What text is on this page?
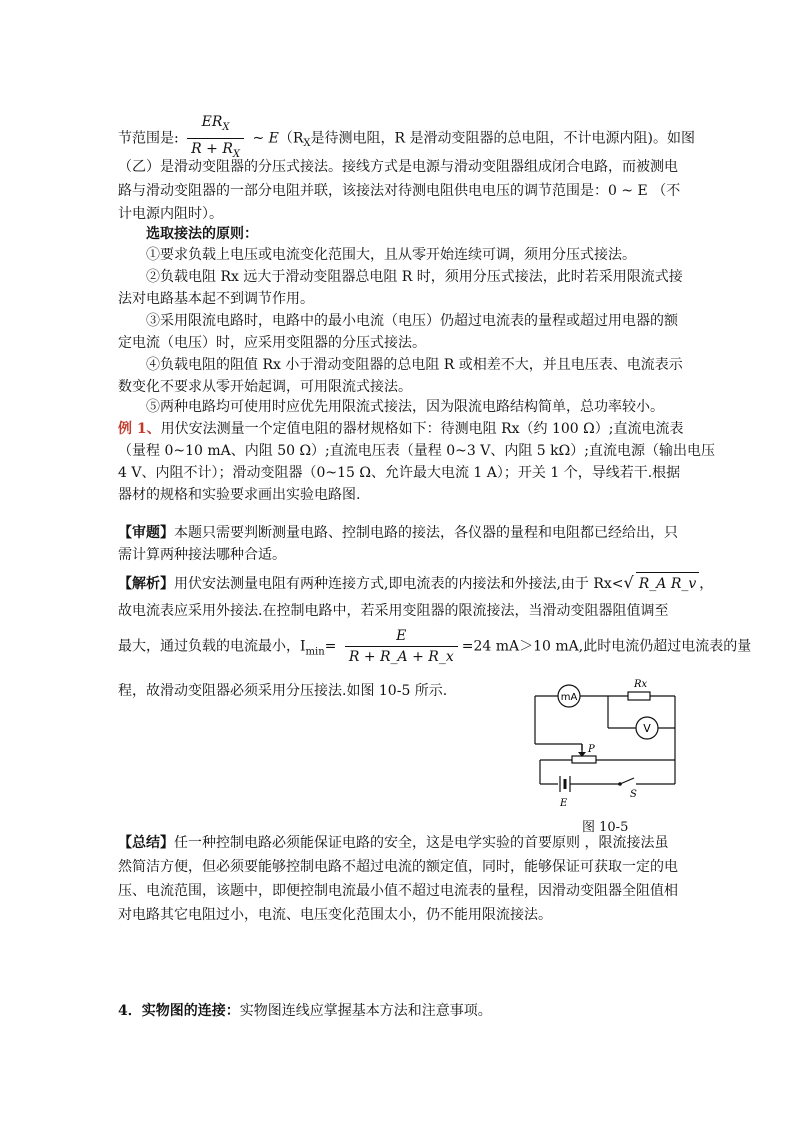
节范围是: $\frac{ER_X}{R + R_X}$ ~ $E(R_X$是待测电阻，R 是滑动变阻器的总电阻，不计电源内阻)。如图
（乙）是滑动变阻器的分压式接法。接线方式是电源与滑动变阻器组成闭合电路，而被测电
路与滑动变阻器的一部分电阻并联，该接法对待测电阻供电电压的调节范围是：0 ~ E （不
计电源内阻时）。
选取接法的原则：
①要求负载上电压或电流变化范围大，且从零开始连续可调，须用分压式接法。
②负载电阻 Rx 远大于滑动变阻器总电阻 R 时，须用分压式接法，此时若采用限流式接
法对电路基本起不到调节作用。
③采用限流电路时，电路中的最小电流（电压）仍超过电流表的量程或超过用电器的额
定电流（电压）时，应采用变阻器的分压式接法。
④负载电阻的阻值 Rx 小于滑动变阻器的总电阻 R 或相差不大，并且电压表、电流表示
数变化不要求从零开始起调，可用限流式接法。
⑤两种电路均可使用时应优先用限流式接法，因为限流电路结构简单，总功率较小。
例 1、用伏安法测量一个定值电阻的器材规格如下：待测电阻 Rx（约 100 Ω）;直流电流表
（量程 0~10 mA、内阻 50 Ω）;直流电压表（量程 0~3 V、内阻 5 kΩ）;直流电源（输出电压
4 V、内阻不计）；滑动变阻器（0~15 Ω、允许最大电流 1 A）；开关 1 个，导线若干.根据
器材的规格和实验要求画出实验电路图.
【审题】本题只需要判断测量电路、控制电路的接法，各仪器的量程和电阻都已经给出，只
需计算两种接法哪种合适。
【解析】用伏安法测量电阻有两种连接方式,即电流表的内接法和外接法,由于 Rx<√ R_A R_v ，
故电流表应采用外接法.在控制电路中，若采用变阻器的限流接法，当滑动变阻器阻值调至
最大，通过负载的电流最小，$I_{min}= \frac{E}{R + R\_A + R\_x} =24$ mA＞10 mA,此时电流仍超过电流表的量
程，故滑动变阻器必须采用分压接法.如图 10-5 所示.	mA
V
Rx
P
S
E
图 10-5
【总结】任一种控制电路必须能保证电路的安全，这是电学实验的首要原则 ，限流接法虽
然简洁方便，但必须要能够控制电路不超过电流的额定值，同时，能够保证可获取一定的电
压、电流范围，该题中，即便控制电流最小值不超过电流表的量程，因滑动变阻器全阻值相
对电路其它电阻过小，电流、电压变化范围太小，仍不能用限流接法。
4．实物图的连接：实物图连线应掌握基本方法和注意事项。
